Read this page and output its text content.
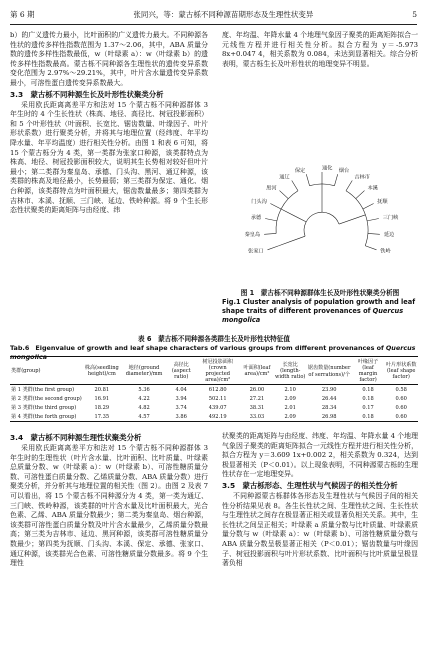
第 6 期	张同兴，等：蒙古栎不同种源苗期形态及生理性状变异	5

b）的广义遗传力最小，比叶面积的广义遗传力最大。不同种源各性状的遗传多样性指数范围为 1.37～2.06，其中，ABA 质量分数的遗传多样性指数最低，w（叶绿素 a）：w（叶绿素 b）的遗传多样性指数最高。蒙古栎不同种源各生理性状的遗传变异系数变化范围为 2.97%～29.21%，其中，叶片含水量遗传变异系数最小，可溶性蛋白遗传变异系数最大。

3.3　蒙古栎不同种源生长及叶形性状聚类分析

采用欧氏距离离差平方和法对 15 个蒙古栎不同种源群体 3 年生时的 4 个生长性状（株高、地径、高径比、树冠投影面积）和 5 个叶形性状（叶面积、长宽比、锯齿数量、叶缘因子、叶片形状系数）进行聚类分析，并将其与地理位置（经纬度、年平均降水量、年平均温度）进行相关性分析。由图 1 和表 6 可知，将 15 个蒙古栎分为 4 类，第一类群为张家口种源，该类群特点为株高、地径、树冠投影面积较大，说明其生长势相对较好但叶片最小；第二类群为秦皇岛、承德、门头沟、黑河、通辽种源，该类群的株高及地径最小，长势最弱；第三类群为保定、通化、烟台种源，该类群特点为叶面积最大，锯齿数量最多；第四类群为吉林市、本溪、抚顺、三门峡、延边、铁岭种源。将 9 个生长形态性状聚类的距离矩阵与由经度、纬

度、年均温、年降水量 4 个地理气象因子聚类的距离矩阵拟合一元线性方程并进行相关性分析。拟合方程为 y＝-5.973 8x+0.047 4，相关系数为 0.084，未达到显著相关。综合分析表明，蒙古栎生长及叶形性状的地理变异不明显。

张家口
秦皇岛
承德
门头沟
黑河
通辽
保定	通化 烟台
吉林市
本溪
抚顺
三门峡
延边
铁岭
图 1　蒙古栎不同种源群体生长及叶形性状聚类分析图
Fig.1 Cluster analysis of population growth and leaf shape traits of different provenances of Quercus mongolica
表 6　蒙古栎不同种源各类群生长及叶形性状特征值
Tab.6 Eigenvalue of growth and leaf shape characters of various groups from different provenances of Quercus mongolica
类群(group)	株高(seedling height)/cm	地径(ground diameter)/mm	高径比(aspect ratio)	树冠投影面积(crown projected area)/cm²	叶面积(leaf area)/cm²	长宽比(length-width ratio)	锯齿数量(number of serrations)/个	叶缘因子(leaf margin factor)	叶片形状系数(leaf shape factor)
第 1 类群(the first group)	20.81	5.36	4.04	612.80	26.00	2.10	23.90	0.18	0.58
第 2 类群(the second group)	16.91	4.22	3.94	502.11	27.21	2.09	26.44	0.18	0.60
第 3 类群(the third group)	18.29	4.82	3.74	439.07	38.31	2.01	28.34	0.17	0.60
第 4 类群(the forth group)	17.35	4.57	3.86	492.19	33.03	2.09	26.98	0.18	0.60
3.4　蒙古栎不同种源生理性状聚类分析

采用欧氏距离离差平方和法对 15 个蒙古栎不同种源群体 3 年生时的生理性状（叶片含水量、比叶面积、比叶质量、叶绿素总质量分数、w（叶绿素 a）：w（叶绿素 b）、可溶性糖质量分数、可溶性蛋白质量分数、乙烯质量分数、ABA 质量分数）进行聚类分析，并分析其与地理位置的相关性（图 2）。由图 2 及表 7 可以看出，将 15 个蒙古栎不同种源分为 4 类，第一类为通辽、三门峡、铁岭种源，该类群的叶片含水量及比叶面积最大，光合色素、乙烯、ABA 质量分数最少；第二类为秦皇岛、烟台种源，该类群可溶性蛋白质量分数及叶片含水量最少，乙烯质量分数最高；第三类为吉林市、延边、黑河种源，该类群可溶性糖质量分数最少；第四类为抚顺、门头沟、本溪、保定、承德、张家口、通辽种源，该类群光合色素、可溶性糖质量分数最多。将 9 个生理性

状聚类的距离矩阵与由经度、纬度、年均温、年降水量 4 个地理气象因子聚类的距离矩阵拟合一元线性方程并进行相关性分析，拟合方程为 y＝3.609 1x+0.002 2，相关系数为 0.324，达到极显著相关（P＜0.01）。以上现象表明，不同种源蒙古栎的生理性状存在一定地理变异。

3.5　蒙古栎形态、生理性状与气候因子的相关性分析

不同种源蒙古栎群体各形态及生理性状与气候因子间的相关性分析结果见表 8。各生长性状之间、生理性状之间、生长性状与生理性状之间存在极显著正相关或显著负相关关系。其中，生长性状之间呈正相关；叶绿素 a 质量分数与比叶质量、叶绿素质量分数与 w（叶绿素 a）：w（叶绿素 b）、可溶性糖质量分数与 ABA 质量分数呈极显著正相关（P＜0.01）；锯齿数量与叶缘因子、树冠投影面积与叶片形状系数、比叶面积与比叶质量呈极显著负相
